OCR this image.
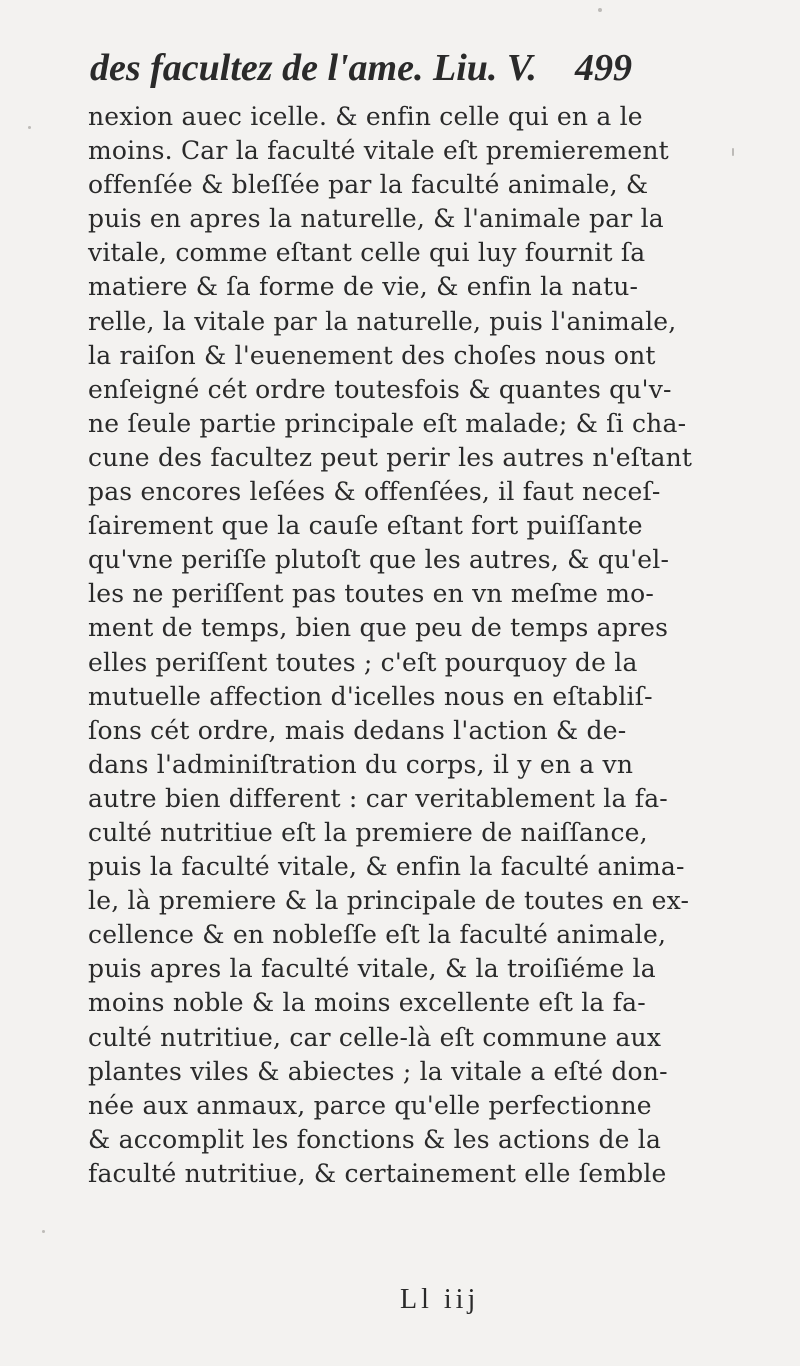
des facultez de l'ame. Liu. V. 499
nexion auec icelle. & enfin celle qui en a le
moins. Car la faculté vitale eſt premierement
offenſée & bleſſée par la faculté animale, &
puis en apres la naturelle, & l'animale par la
vitale, comme eſtant celle qui luy fournit ſa
matiere & ſa forme de vie, & enfin la natu-
relle, la vitale par la naturelle, puis l'animale,
la raiſon & l'euenement des choſes nous ont
enſeigné cét ordre toutesfois & quantes qu'v-
ne ſeule partie principale eſt malade; & ſi cha-
cune des facultez peut perir les autres n'eſtant
pas encores leſées & offenſées, il faut neceſ-
ſairement que la cauſe eſtant fort puiſſante
qu'vne periſſe plutoſt que les autres, & qu'el-
les ne periſſent pas toutes en vn meſme mo-
ment de temps, bien que peu de temps apres
elles periſſent toutes ; c'eſt pourquoy de la
mutuelle affection d'icelles nous en eſtabliſ-
ſons cét ordre, mais dedans l'action & de-
dans l'adminiſtration du corps, il y en a vn
autre bien different : car veritablement la fa-
culté nutritiue eſt la premiere de naiſſance,
puis la faculté vitale, & enfin la faculté anima-
le, là premiere & la principale de toutes en ex-
cellence & en nobleſſe eſt la faculté animale,
puis apres la faculté vitale, & la troiſiéme la
moins noble & la moins excellente eſt la fa-
culté nutritiue, car celle-là eſt commune aux
plantes viles & abiectes ; la vitale a eſté don-
née aux anmaux, parce qu'elle perfectionne
& accomplit les fonctions & les actions de la
faculté nutritiue, & certainement elle ſemble
Ll iij
